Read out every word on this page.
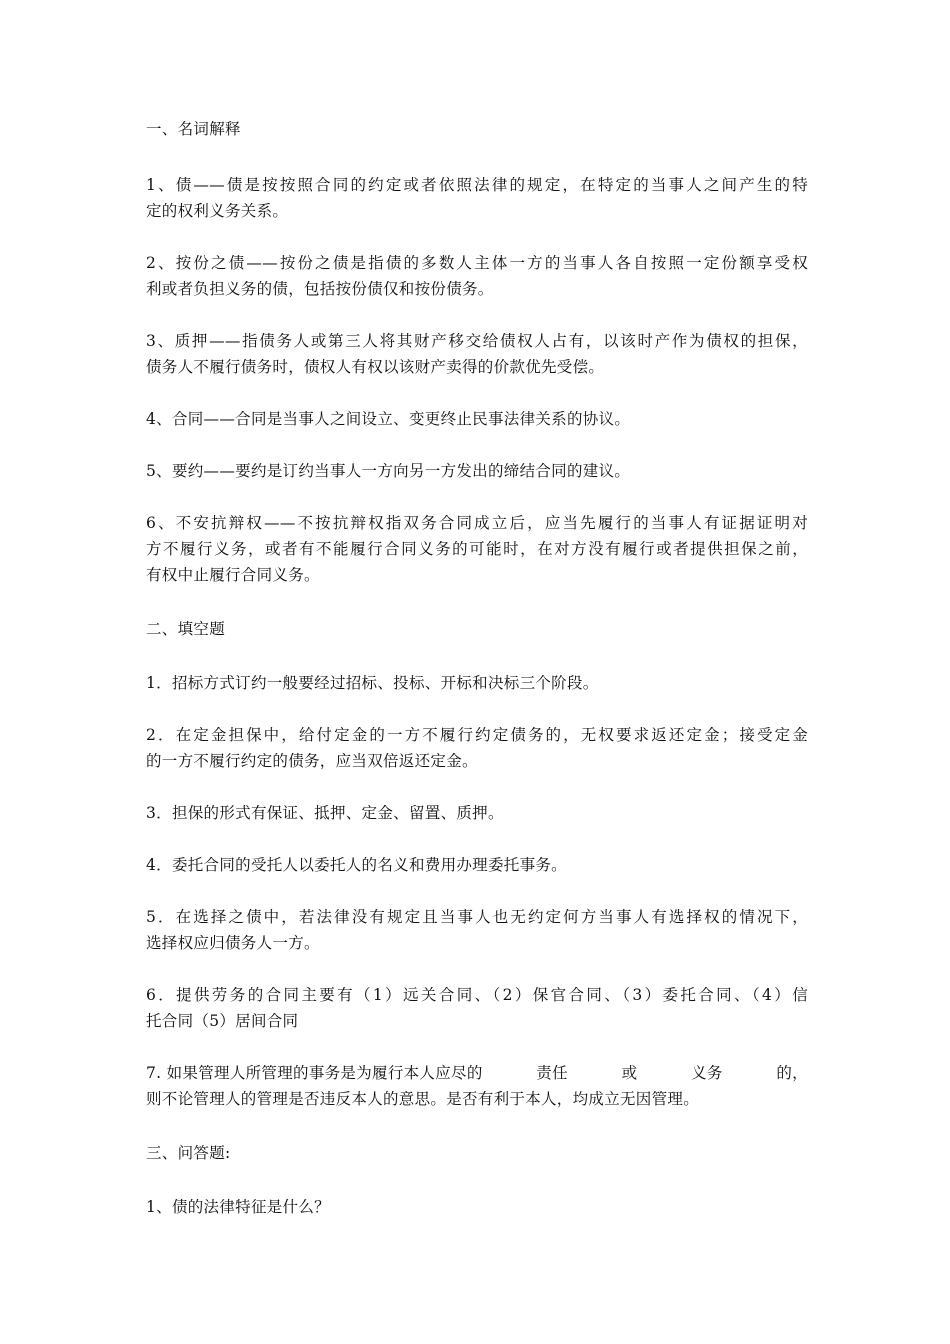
一、名词解释
1、债——债是按按照合同的约定或者依照法律的规定，在特定的当事人之间产生的特
定的权利义务关系。
2、按份之债——按份之债是指债的多数人主体一方的当事人各自按照一定份额享受权
利或者负担义务的债，包括按份债仅和按份债务。
3、质押——指债务人或第三人将其财产移交给债权人占有，以该时产作为债权的担保，
债务人不履行债务时，债权人有权以该财产卖得的价款优先受偿。
4、合同——合同是当事人之间设立、变更终止民事法律关系的协议。
5、要约——要约是订约当事人一方向另一方发出的缔结合同的建议。
6、不安抗辩权——不按抗辩权指双务合同成立后，应当先履行的当事人有证据证明对
方不履行义务，或者有不能履行合同义务的可能时，在对方没有履行或者提供担保之前，
有权中止履行合同义务。
二、填空题
1．招标方式订约一般要经过招标、投标、开标和决标三个阶段。
2．在定金担保中，给付定金的一方不履行约定债务的，无权要求返还定金；接受定金
的一方不履行约定的债务，应当双倍返还定金。
3．担保的形式有保证、抵押、定金、留置、质押。
4．委托合同的受托人以委托人的名义和费用办理委托事务。
5．在选择之债中，若法律没有规定且当事人也无约定何方当事人有选择权的情况下，
选择权应归债务人一方。
6．提供劳务的合同主要有（1）远关合同、（2）保官合同、（3）委托合同、（4）信
托合同（5）居间合同
7. 如果管理人所管理的事务是为履行本人应尽的	责任	或	义务	的，
则不论管理人的管理是否违反本人的意思。是否有利于本人，均成立无因管理。
三、问答题:
1、债的法律特征是什么？
